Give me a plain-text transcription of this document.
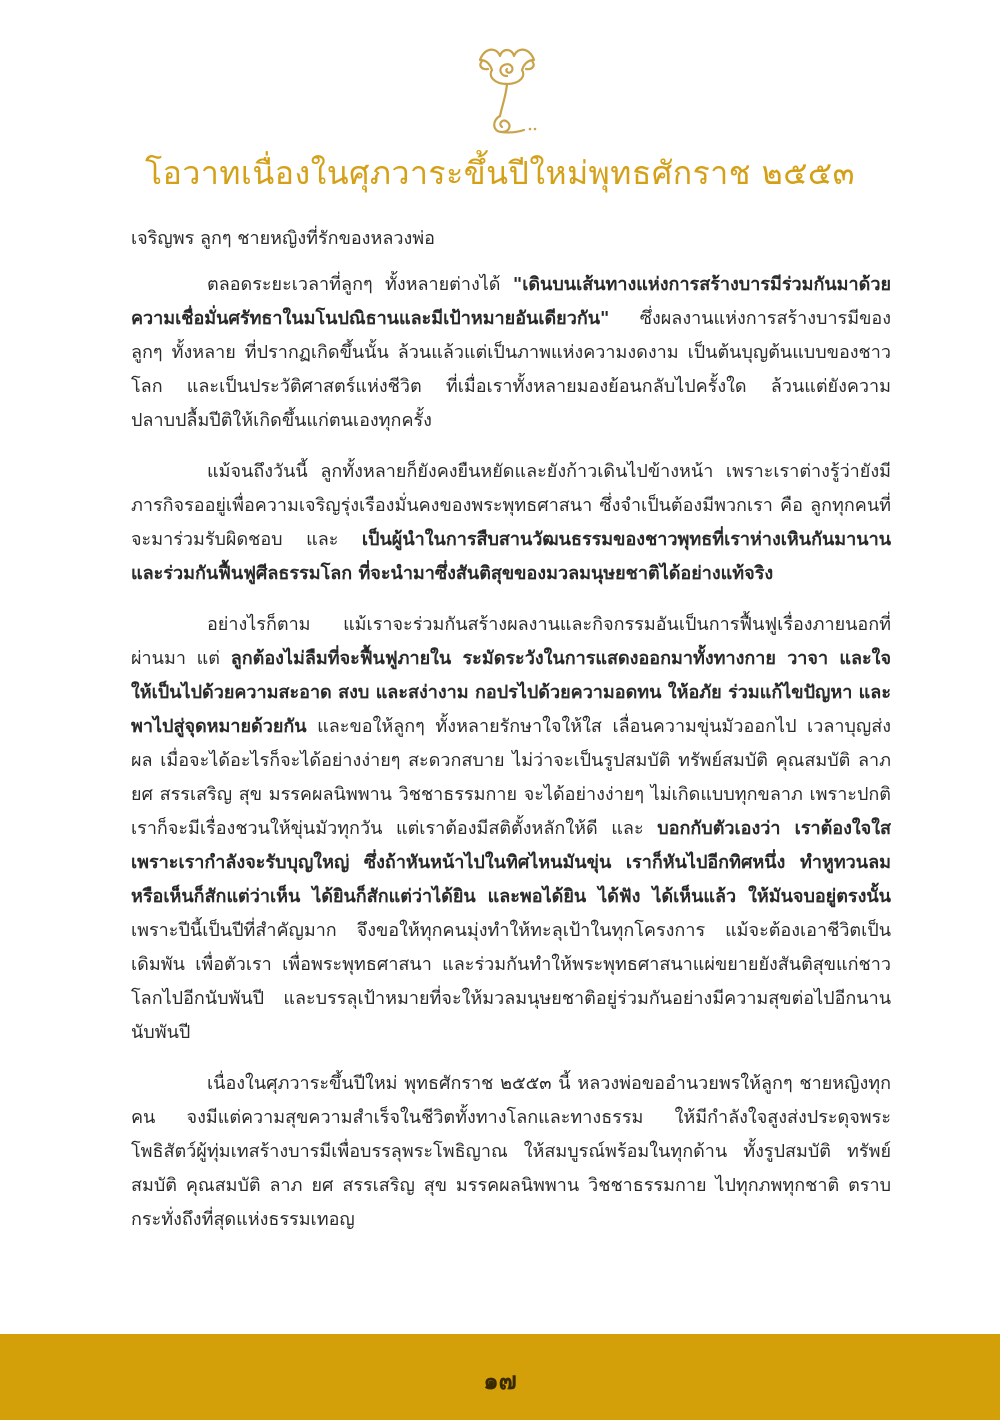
โอวาทเนื่องในศุภวาระขึ้นปีใหม่พุทธศักราช ๒๕๕๓

เจริญพร ลูกๆ ชายหญิงที่รักของหลวงพ่อ

ตลอดระยะเวลาที่ลูกๆ ทั้งหลายต่างได้ "เดินบนเส้นทางแห่งการสร้างบารมีร่วมกันมาด้วยความเชื่อมั่นศรัทธาในมโนปณิธานและมีเป้าหมายอันเดียวกัน" ซึ่งผลงานแห่งการสร้างบารมีของลูกๆ ทั้งหลาย ที่ปรากฏเกิดขึ้นนั้น ล้วนแล้วแต่เป็นภาพแห่งความงดงาม เป็นต้นบุญต้นแบบของชาวโลก และเป็นประวัติศาสตร์แห่งชีวิต ที่เมื่อเราทั้งหลายมองย้อนกลับไปครั้งใด ล้วนแต่ยังความปลาบปลื้มปีติให้เกิดขึ้นแก่ตนเองทุกครั้ง

แม้จนถึงวันนี้ ลูกทั้งหลายก็ยังคงยืนหยัดและยังก้าวเดินไปข้างหน้า เพราะเราต่างรู้ว่ายังมีภารกิจรออยู่เพื่อความเจริญรุ่งเรืองมั่นคงของพระพุทธศาสนา ซึ่งจำเป็นต้องมีพวกเรา คือ ลูกทุกคนที่จะมาร่วมรับผิดชอบ และ เป็นผู้นำในการสืบสานวัฒนธรรมของชาวพุทธที่เราห่างเหินกันมานาน และร่วมกันฟื้นฟูศีลธรรมโลก ที่จะนำมาซึ่งสันติสุขของมวลมนุษยชาติได้อย่างแท้จริง

อย่างไรก็ตาม แม้เราจะร่วมกันสร้างผลงานและกิจกรรมอันเป็นการฟื้นฟูเรื่องภายนอกที่ผ่านมา แต่ ลูกต้องไม่ลืมที่จะฟื้นฟูภายใน ระมัดระวังในการแสดงออกมาทั้งทางกาย วาจา และใจ ให้เป็นไปด้วยความสะอาด สงบ และสง่างาม กอปรไปด้วยความอดทน ให้อภัย ร่วมแก้ไขปัญหา และพาไปสู่จุดหมายด้วยกัน และขอให้ลูกๆ ทั้งหลายรักษาใจให้ใส เลื่อนความขุ่นมัวออกไป เวลาบุญส่งผล เมื่อจะได้อะไรก็จะได้อย่างง่ายๆ สะดวกสบาย ไม่ว่าจะเป็นรูปสมบัติ ทรัพย์สมบัติ คุณสมบัติ ลาภ ยศ สรรเสริญ สุข มรรคผลนิพพาน วิชชาธรรมกาย จะได้อย่างง่ายๆ ไม่เกิดแบบทุกขลาภ เพราะปกติเราก็จะมีเรื่องชวนให้ขุ่นมัวทุกวัน แต่เราต้องมีสติตั้งหลักให้ดี และ บอกกับตัวเองว่า เราต้องใจใส เพราะเรากำลังจะรับบุญใหญ่ ซึ่งถ้าหันหน้าไปในทิศไหนมันขุ่น เราก็หันไปอีกทิศหนึ่ง ทำหูทวนลม หรือเห็นก็สักแต่ว่าเห็น ได้ยินก็สักแต่ว่าได้ยิน และพอได้ยิน ได้ฟัง ได้เห็นแล้ว ให้มันจบอยู่ตรงนั้น เพราะปีนี้เป็นปีที่สำคัญมาก จึงขอให้ทุกคนมุ่งทำให้ทะลุเป้าในทุกโครงการ แม้จะต้องเอาชีวิตเป็นเดิมพัน เพื่อตัวเรา เพื่อพระพุทธศาสนา และร่วมกันทำให้พระพุทธศาสนาแผ่ขยายยังสันติสุขแก่ชาวโลกไปอีกนับพันปี และบรรลุเป้าหมายที่จะให้มวลมนุษยชาติอยู่ร่วมกันอย่างมีความสุขต่อไปอีกนานนับพันปี

เนื่องในศุภวาระขึ้นปีใหม่ พุทธศักราช ๒๕๕๓ นี้ หลวงพ่อขออำนวยพรให้ลูกๆ ชายหญิงทุกคน จงมีแต่ความสุขความสำเร็จในชีวิตทั้งทางโลกและทางธรรม ให้มีกำลังใจสูงส่งประดุจพระโพธิสัตว์ผู้ทุ่มเทสร้างบารมีเพื่อบรรลุพระโพธิญาณ ให้สมบูรณ์พร้อมในทุกด้าน ทั้งรูปสมบัติ ทรัพย์สมบัติ คุณสมบัติ ลาภ ยศ สรรเสริญ สุข มรรคผลนิพพาน วิชชาธรรมกาย ไปทุกภพทุกชาติ ตราบกระทั่งถึงที่สุดแห่งธรรมเทอญ

๑๗
